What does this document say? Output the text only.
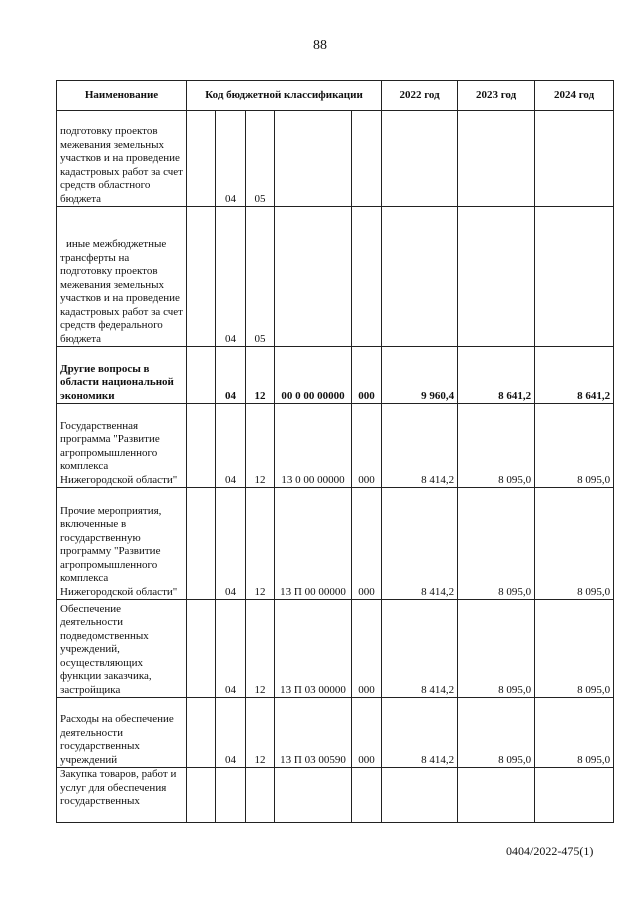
88
Наименование	Код бюджетной классификации					2022 год	2023 год	2024 год
подготовку проектов межевания земельных участков и на проведение кадастровых работ за счет средств областного бюджета		04	05					
иные межбюджетные трансферты на подготовку проектов межевания земельных участков и на проведение кадастровых работ за счет средств федерального бюджета		04	05					
Другие вопросы в области национальной экономики		04	12	00 0 00 00000	000	9 960,4	8 641,2	8 641,2
Государственная программа "Развитие агропромышленного комплекса Нижегородской области"		04	12	13 0 00 00000	000	8 414,2	8 095,0	8 095,0
Прочие мероприятия, включенные в государственную программу "Развитие агропромышленного комплекса Нижегородской области"		04	12	13 П 00 00000	000	8 414,2	8 095,0	8 095,0
Обеспечение деятельности подведомственных учреждений, осуществляющих функции заказчика, застройщика		04	12	13 П 03 00000	000	8 414,2	8 095,0	8 095,0
Расходы на обеспечение деятельности государственных учреждений		04	12	13 П 03 00590	000	8 414,2	8 095,0	8 095,0
Закупка товаров, работ и услуг для обеспечения государственных								
0404/2022-475(1)
